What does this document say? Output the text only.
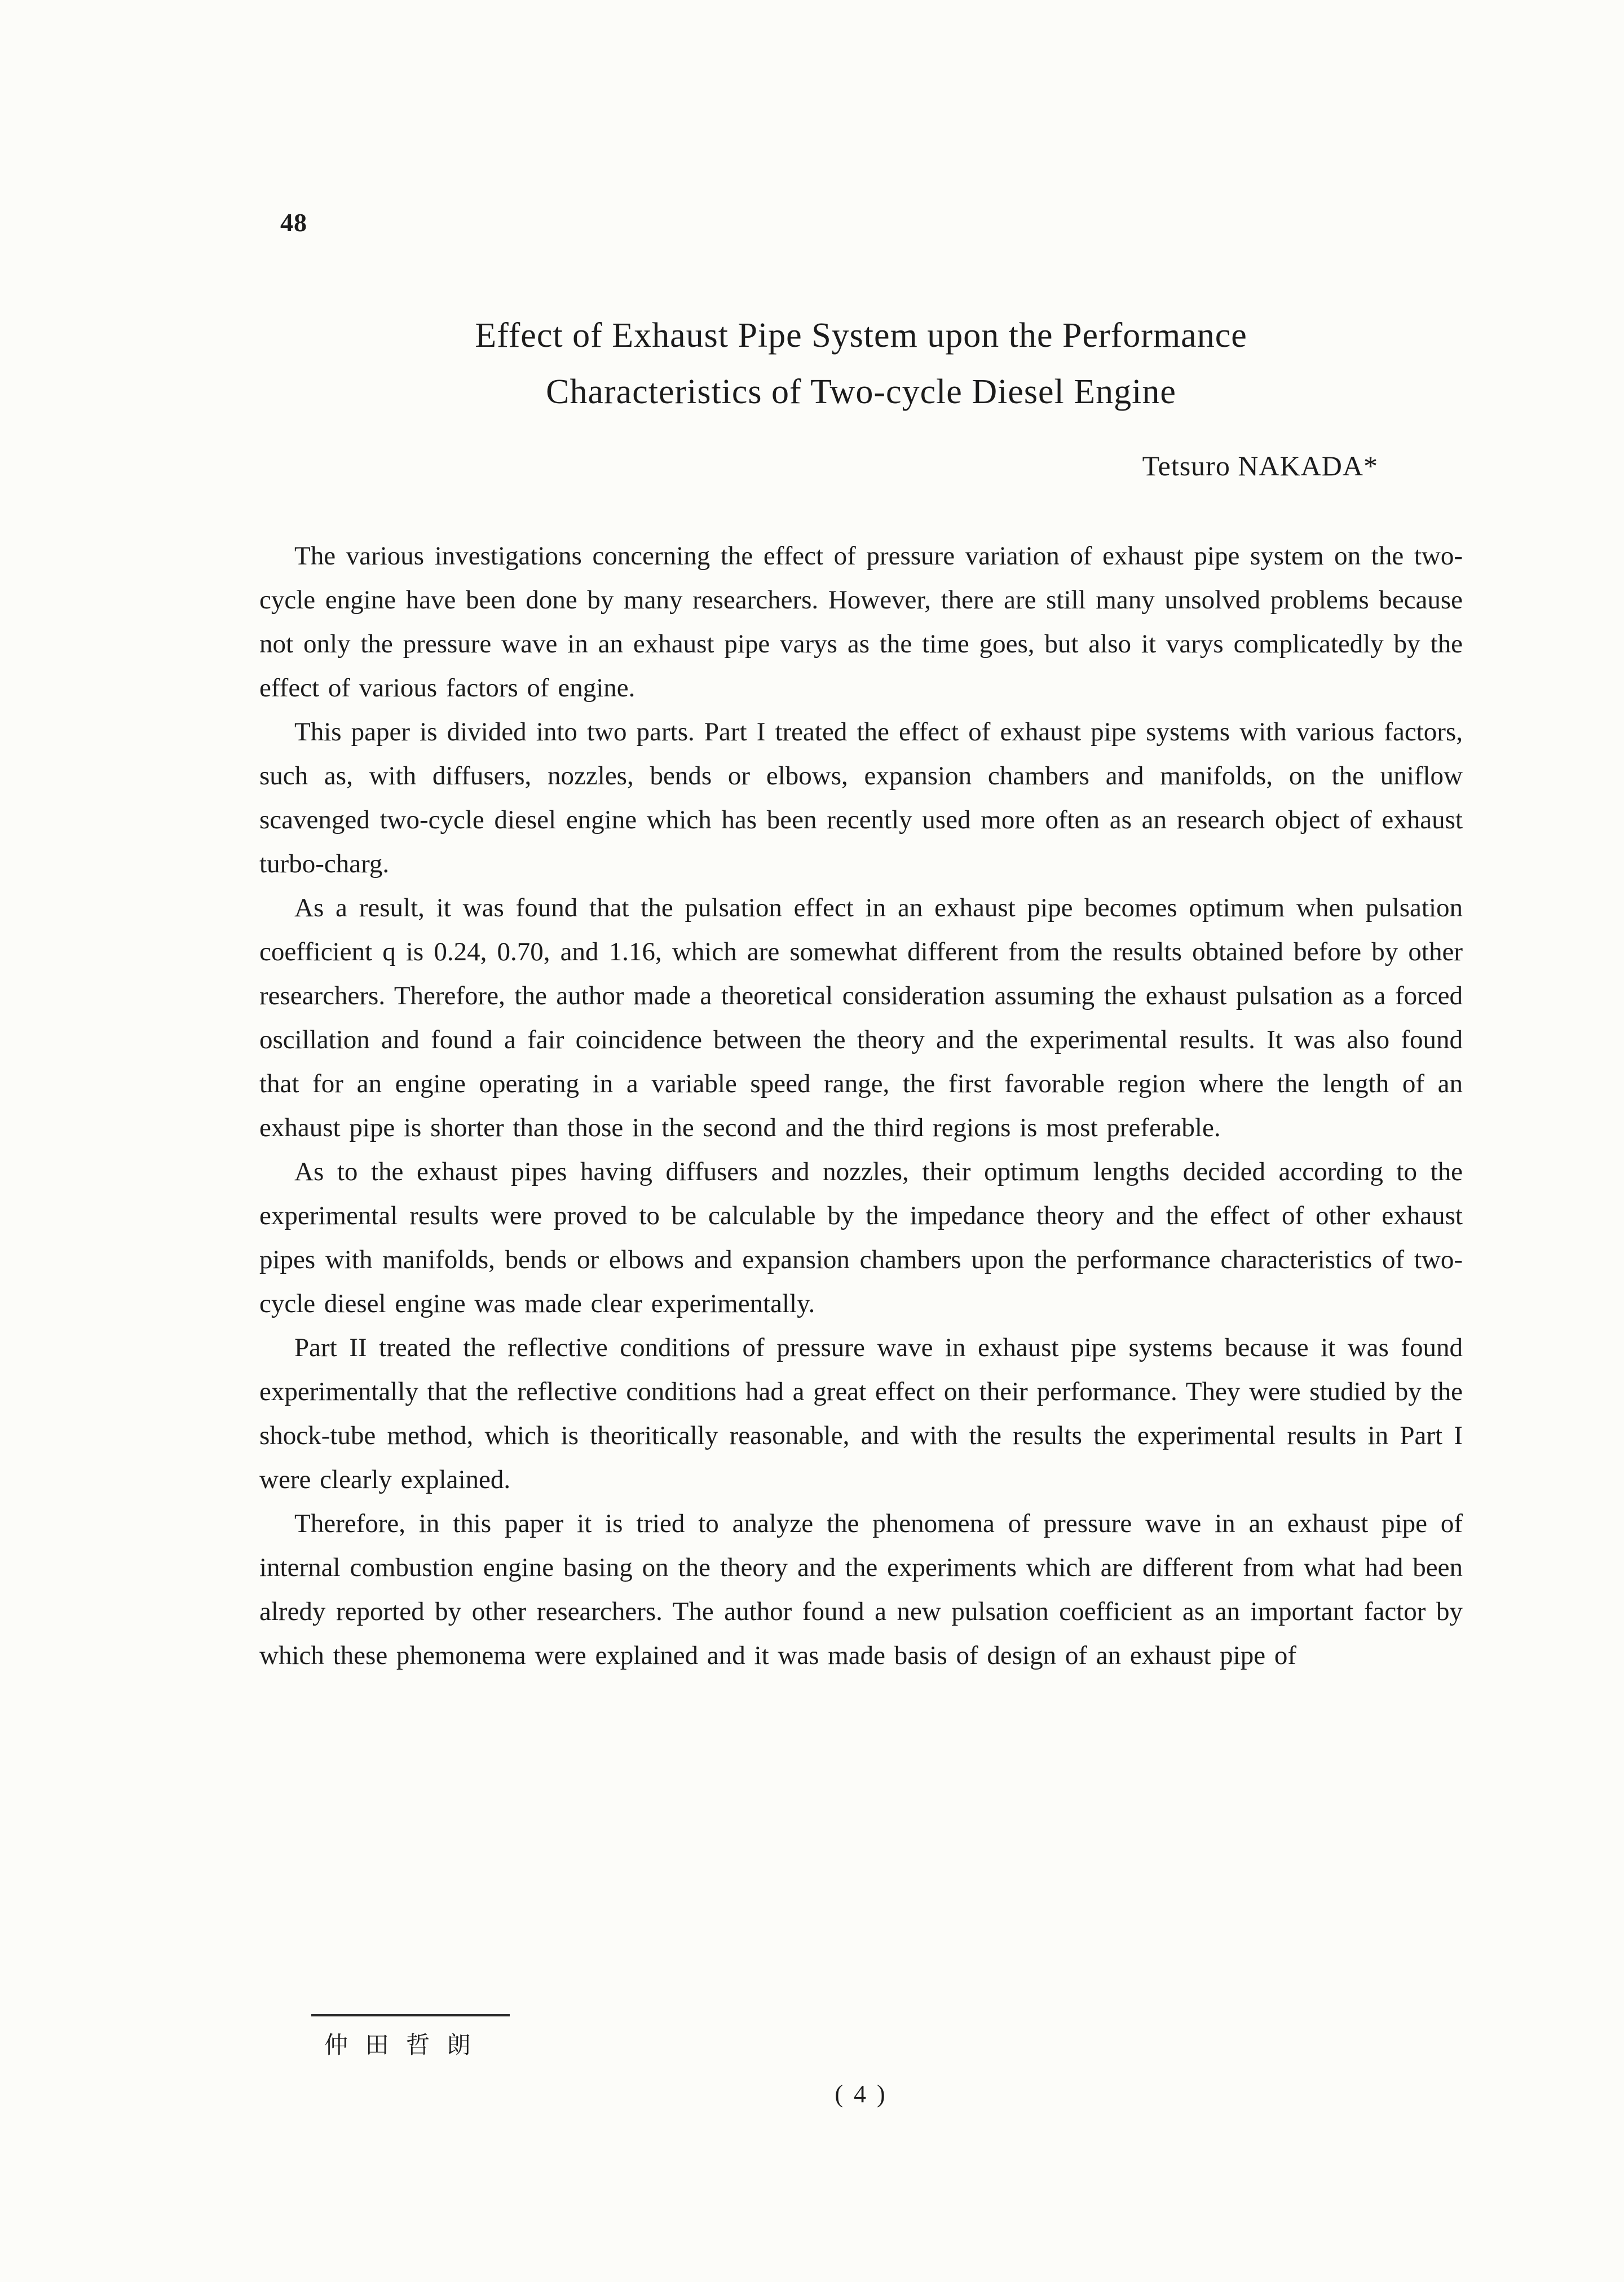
48
Effect of Exhaust Pipe System upon the Performance
Characteristics of Two-cycle Diesel Engine
Tetsuro NAKADA*

The various investigations concerning the effect of pressure variation of exhaust pipe system on the two-cycle engine have been done by many researchers. However, there are still many unsolved problems because not only the pressure wave in an exhaust pipe varys as the time goes, but also it varys complicatedly by the effect of various factors of engine.

This paper is divided into two parts. Part I treated the effect of exhaust pipe systems with various factors, such as, with diffusers, nozzles, bends or elbows, expansion chambers and manifolds, on the uniflow scavenged two-cycle diesel engine which has been recently used more often as an research object of exhaust turbo-charg.

As a result, it was found that the pulsation effect in an exhaust pipe becomes optimum when pulsation coefficient q is 0.24, 0.70, and 1.16, which are somewhat different from the results obtained before by other researchers. Therefore, the author made a theoretical consideration assuming the exhaust pulsation as a forced oscillation and found a fair coincidence between the theory and the experimental results. It was also found that for an engine operating in a variable speed range, the first favorable region where the length of an exhaust pipe is shorter than those in the second and the third regions is most preferable.

As to the exhaust pipes having diffusers and nozzles, their optimum lengths decided according to the experimental results were proved to be calculable by the impedance theory and the effect of other exhaust pipes with manifolds, bends or elbows and expansion chambers upon the performance characteristics of two-cycle diesel engine was made clear experimentally.

Part II treated the reflective conditions of pressure wave in exhaust pipe systems because it was found experimentally that the reflective conditions had a great effect on their performance. They were studied by the shock-tube method, which is theoritically reasonable, and with the results the experimental results in Part I were clearly explained.

Therefore, in this paper it is tried to analyze the phenomena of pressure wave in an exhaust pipe of internal combustion engine basing on the theory and the experiments which are different from what had been alredy reported by other researchers. The author found a new pulsation coefficient as an important factor by which these phemonema were explained and it was made basis of design of an exhaust pipe of

仲 田 哲 朗
( 4 )
